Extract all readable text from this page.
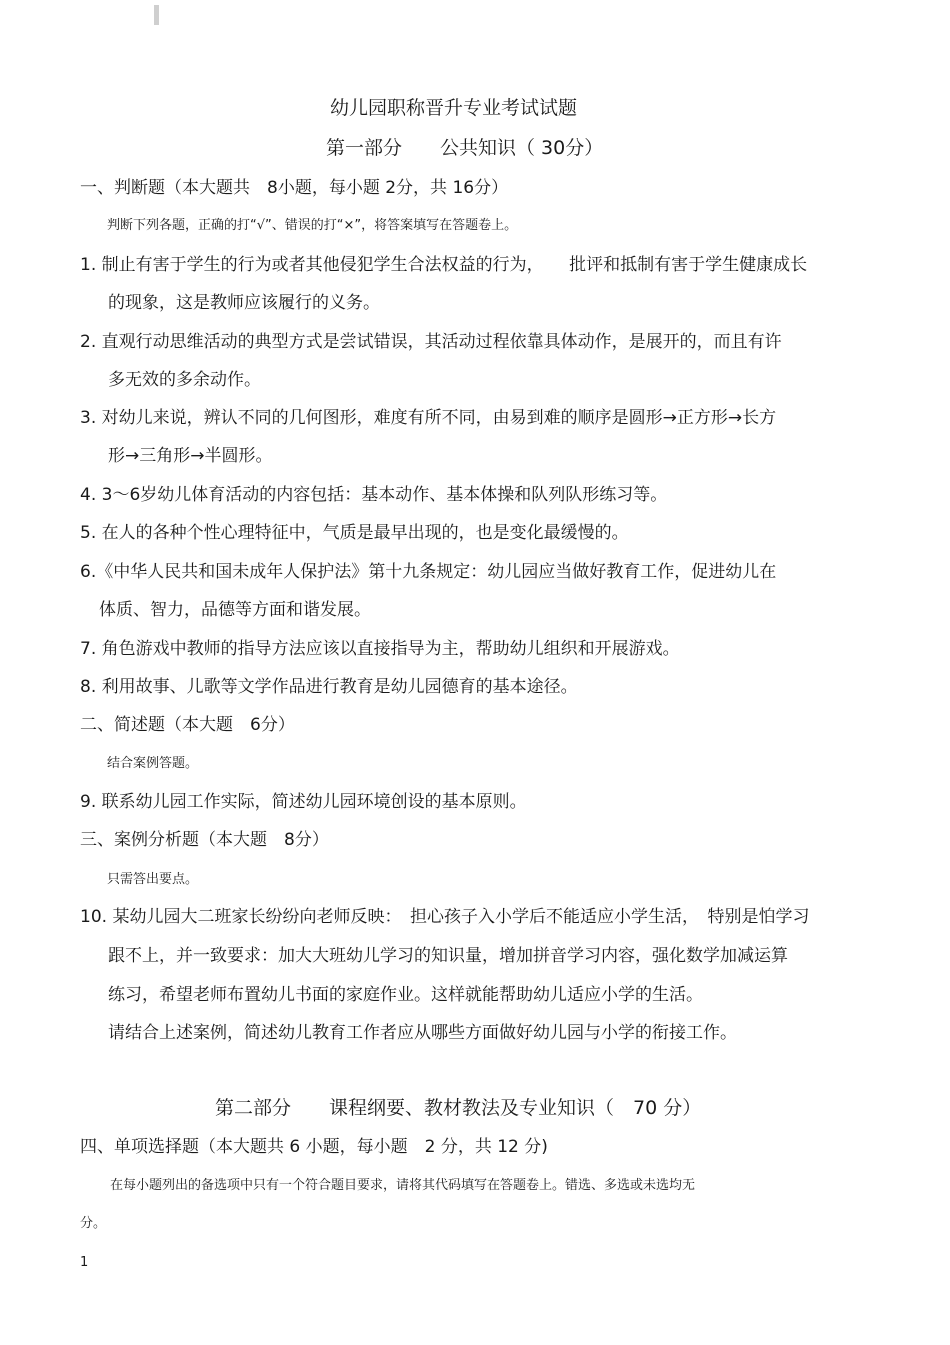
幼儿园职称晋升专业考试试题
第一部分　　公共知识（ 30分）
一、判断题（本大题共　8小题，每小题 2分，共 16分）
判断下列各题，正确的打“√”、错误的打“×”，将答案填写在答题卷上。
1. 制止有害于学生的行为或者其他侵犯学生合法权益的行为，　　批评和抵制有害于学生健康成长
的现象，这是教师应该履行的义务。
2. 直观行动思维活动的典型方式是尝试错误，其活动过程依靠具体动作，是展开的，而且有许
多无效的多余动作。
3. 对幼儿来说，辨认不同的几何图形，难度有所不同，由易到难的顺序是圆形→正方形→长方
形→三角形→半圆形。
4. 3～6岁幼儿体育活动的内容包括：基本动作、基本体操和队列队形练习等。
5. 在人的各种个性心理特征中，气质是最早出现的，也是变化最缓慢的。
6.《中华人民共和国未成年人保护法》第十九条规定：幼儿园应当做好教育工作，促进幼儿在
体质、智力，品德等方面和谐发展。
7. 角色游戏中教师的指导方法应该以直接指导为主，帮助幼儿组织和开展游戏。
8. 利用故事、儿歌等文学作品进行教育是幼儿园德育的基本途径。
二、简述题（本大题　6分）
结合案例答题。
9. 联系幼儿园工作实际，简述幼儿园环境创设的基本原则。
三、案例分析题（本大题　8分）
只需答出要点。
10. 某幼儿园大二班家长纷纷向老师反映：　担心孩子入小学后不能适应小学生活，　特别是怕学习
跟不上，并一致要求：加大大班幼儿学习的知识量，增加拼音学习内容，强化数学加减运算
练习，希望老师布置幼儿书面的家庭作业。这样就能帮助幼儿适应小学的生活。
请结合上述案例，简述幼儿教育工作者应从哪些方面做好幼儿园与小学的衔接工作。
第二部分　　课程纲要、教材教法及专业知识（　70 分）
四、单项选择题（本大题共 6 小题，每小题　2 分，共 12 分)
在每小题列出的备选项中只有一个符合题目要求，请将其代码填写在答题卷上。错选、多选或未选均无
分。
1
